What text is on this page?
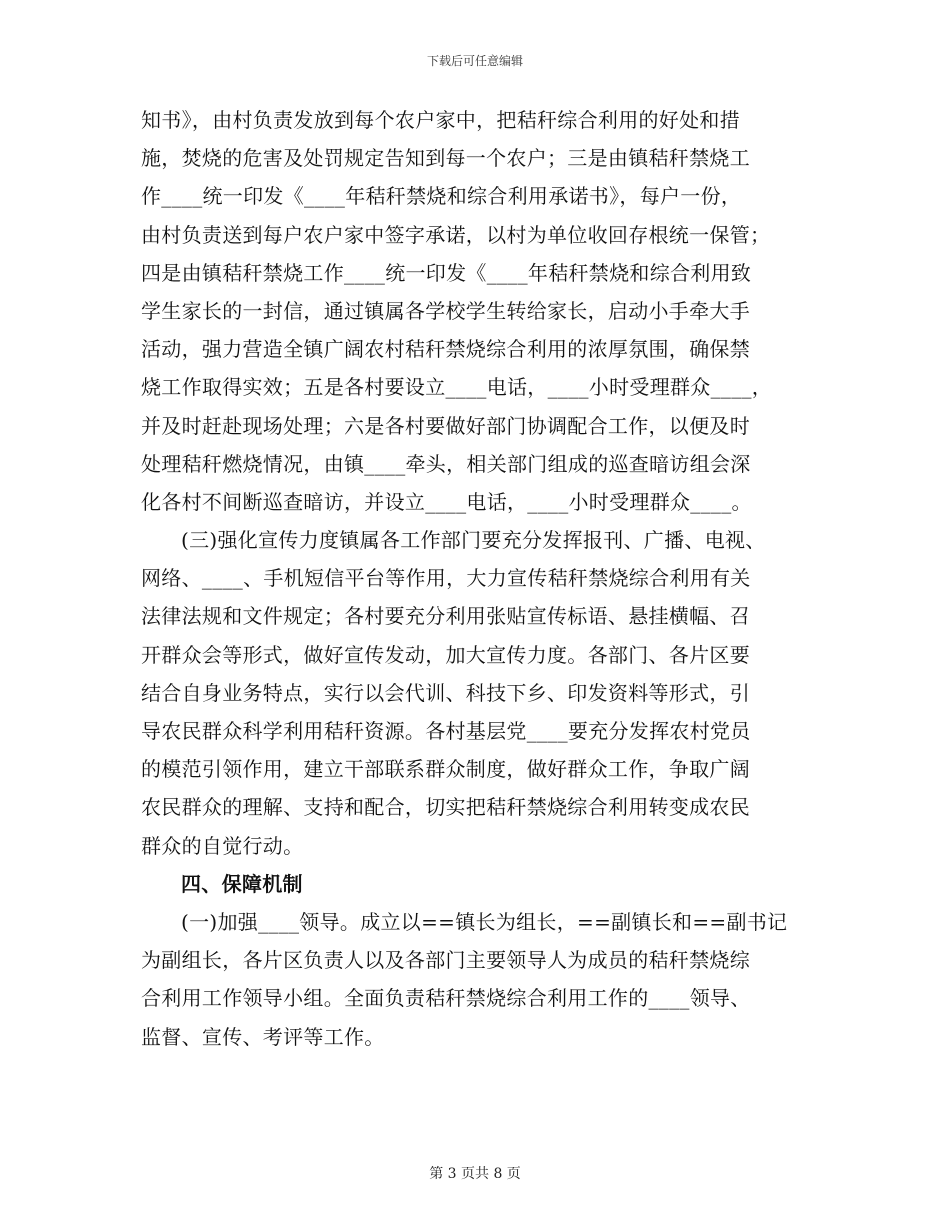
下载后可任意编辑
知书》，由村负责发放到每个农户家中，把秸秆综合利用的好处和措
施，焚烧的危害及处罚规定告知到每一个农户；三是由镇秸秆禁烧工
作____统一印发《____年秸秆禁烧和综合利用承诺书》，每户一份，
由村负责送到每户农户家中签字承诺，以村为单位收回存根统一保管；
四是由镇秸秆禁烧工作____统一印发《____年秸秆禁烧和综合利用致
学生家长的一封信，通过镇属各学校学生转给家长，启动小手牵大手
活动，强力营造全镇广阔农村秸秆禁烧综合利用的浓厚氛围，确保禁
烧工作取得实效；五是各村要设立____电话，____小时受理群众____，
并及时赶赴现场处理；六是各村要做好部门协调配合工作，以便及时
处理秸秆燃烧情况，由镇____牵头，相关部门组成的巡查暗访组会深
化各村不间断巡查暗访，并设立____电话，____小时受理群众____。
(三)强化宣传力度镇属各工作部门要充分发挥报刊、广播、电视、
网络、____、手机短信平台等作用，大力宣传秸秆禁烧综合利用有关
法律法规和文件规定；各村要充分利用张贴宣传标语、悬挂横幅、召
开群众会等形式，做好宣传发动，加大宣传力度。各部门、各片区要
结合自身业务特点，实行以会代训、科技下乡、印发资料等形式，引
导农民群众科学利用秸秆资源。各村基层党____要充分发挥农村党员
的模范引领作用，建立干部联系群众制度，做好群众工作，争取广阔
农民群众的理解、支持和配合，切实把秸秆禁烧综合利用转变成农民
群众的自觉行动。
四、保障机制
(一)加强____领导。成立以==镇长为组长，==副镇长和==副书记
为副组长，各片区负责人以及各部门主要领导人为成员的秸秆禁烧综
合利用工作领导小组。全面负责秸秆禁烧综合利用工作的____领导、
监督、宣传、考评等工作。
第 3 页共 8 页
